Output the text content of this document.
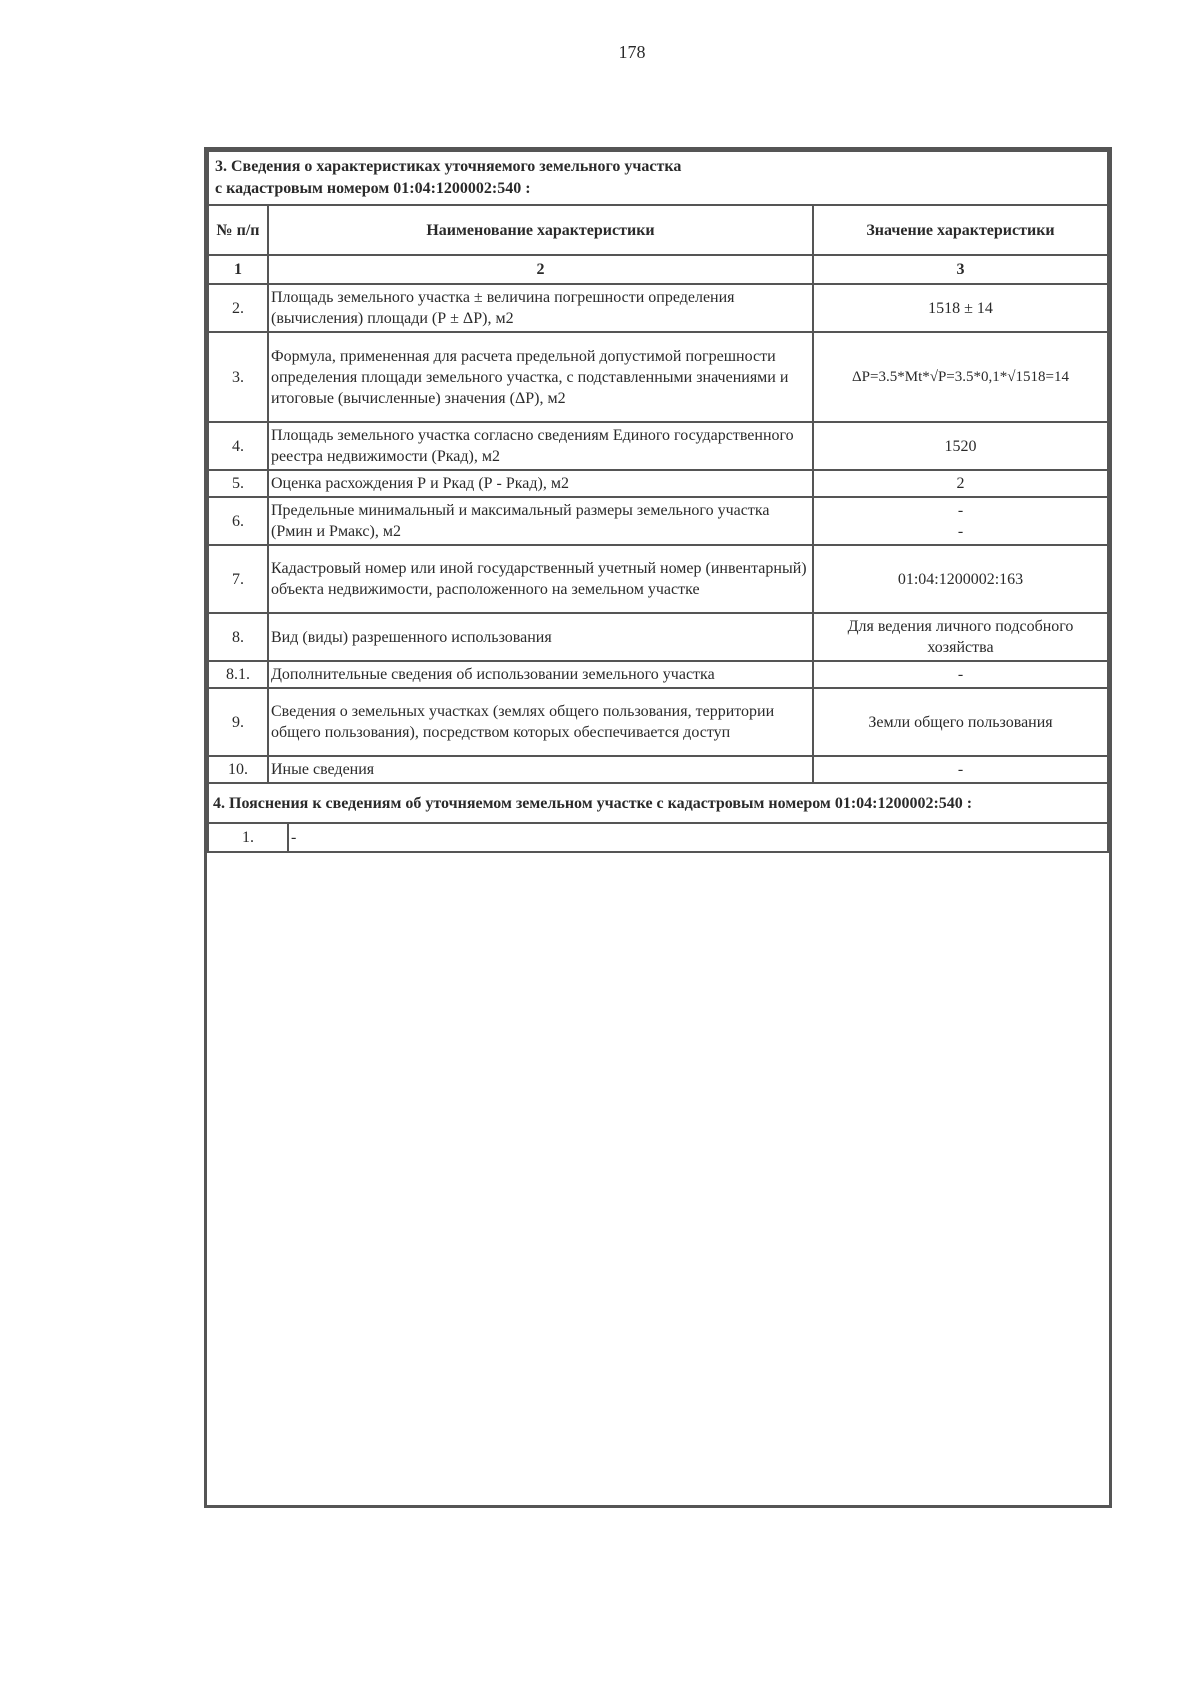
178
3. Сведения о характеристиках уточняемого земельного участка
с кадастровым номером 01:04:1200002:540 :		

№ п/п	Наименование характеристики	Значение характеристики
1	2	3
2.	Площадь земельного участка ± величина погрешности определения (вычисления) площади (Р ± ΔР), м2	1518 ± 14
3.	Формула, примененная для расчета предельной допустимой погрешности определения площади земельного участка, с подставленными значениями и итоговые (вычисленные) значения (ΔР), м2	ΔР=3.5*Mt*√Р=3.5*0,1*√1518=14
4.	Площадь земельного участка согласно сведениям Единого государственного реестра недвижимости (Ркад), м2	1520
5.	Оценка расхождения Р и Ркад (Р - Ркад), м2	2
6.	Предельные минимальный и максимальный размеры земельного участка (Рмин и Рмакс), м2	-
-

7.	Кадастровый номер или иной государственный учетный номер (инвентарный) объекта недвижимости, расположенного на земельном участке	01:04:1200002:163
8.	Вид (виды) разрешенного использования	Для ведения личного подсобного хозяйства
8.1.	Дополнительные сведения об использовании земельного участка	-
9.	Сведения о земельных участках (землях общего пользования, территории общего пользования), посредством которых обеспечивается доступ	Земли общего пользования
10.	Иные сведения	-
4. Пояснения к сведениям об уточняемом земельном участке с кадастровым номером 01:04:1200002:540 :
1.	-
